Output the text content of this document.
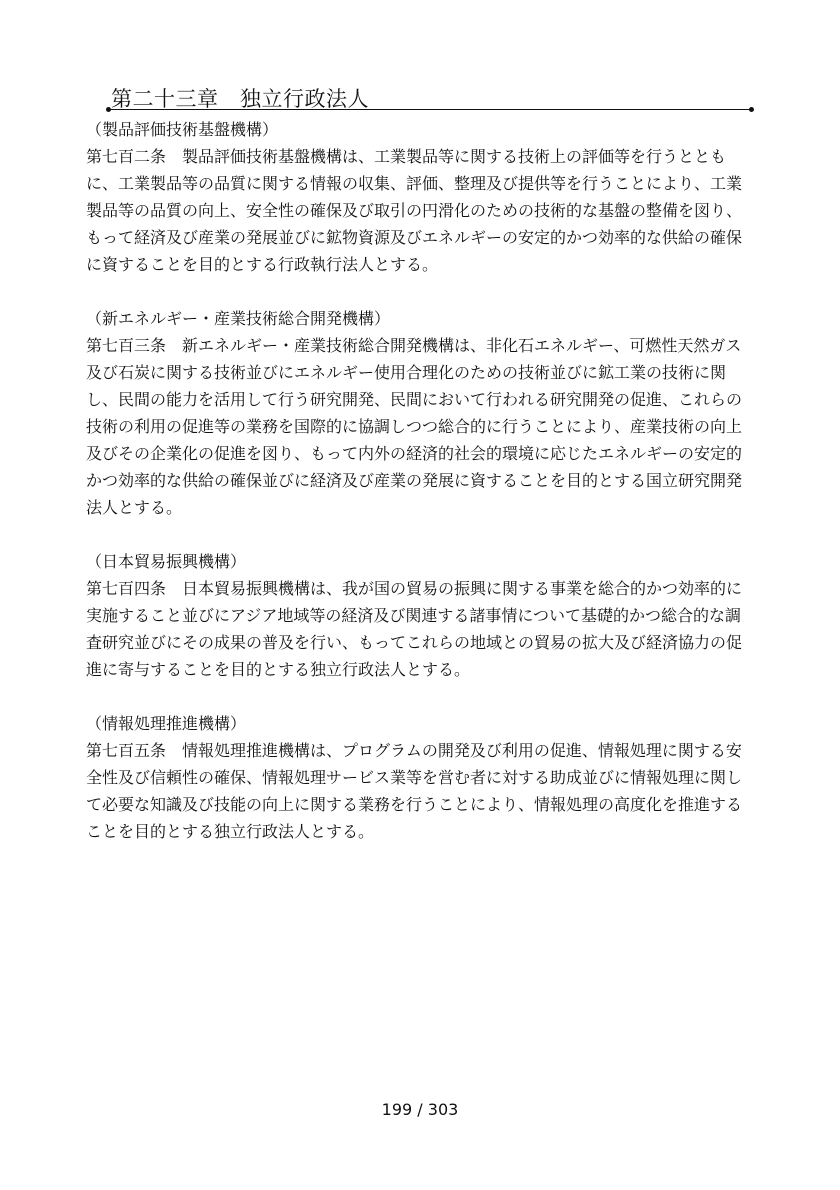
第二十三章　独立行政法人
（製品評価技術基盤機構）

第七百二条 製品評価技術基盤機構は、工業製品等に関する技術上の評価等を行うとともに、工業製品等の品質に関する情報の収集、評価、整理及び提供等を行うことにより、工業製品等の品質の向上、安全性の確保及び取引の円滑化のための技術的な基盤の整備を図り、もって経済及び産業の発展並びに鉱物資源及びエネルギーの安定的かつ効率的な供給の確保に資することを目的とする行政執行法人とする。

（新エネルギー・産業技術総合開発機構）

第七百三条 新エネルギー・産業技術総合開発機構は、非化石エネルギー、可燃性天然ガス及び石炭に関する技術並びにエネルギー使用合理化のための技術並びに鉱工業の技術に関し、民間の能力を活用して行う研究開発、民間において行われる研究開発の促進、これらの技術の利用の促進等の業務を国際的に協調しつつ総合的に行うことにより、産業技術の向上及びその企業化の促進を図り、もって内外の経済的社会的環境に応じたエネルギーの安定的かつ効率的な供給の確保並びに経済及び産業の発展に資することを目的とする国立研究開発法人とする。

（日本貿易振興機構）

第七百四条 日本貿易振興機構は、我が国の貿易の振興に関する事業を総合的かつ効率的に実施すること並びにアジア地域等の経済及び関連する諸事情について基礎的かつ総合的な調査研究並びにその成果の普及を行い、もってこれらの地域との貿易の拡大及び経済協力の促進に寄与することを目的とする独立行政法人とする。

（情報処理推進機構）

第七百五条 情報処理推進機構は、プログラムの開発及び利用の促進、情報処理に関する安全性及び信頼性の確保、情報処理サービス業等を営む者に対する助成並びに情報処理に関して必要な知識及び技能の向上に関する業務を行うことにより、情報処理の高度化を推進することを目的とする独立行政法人とする。

199 / 303
